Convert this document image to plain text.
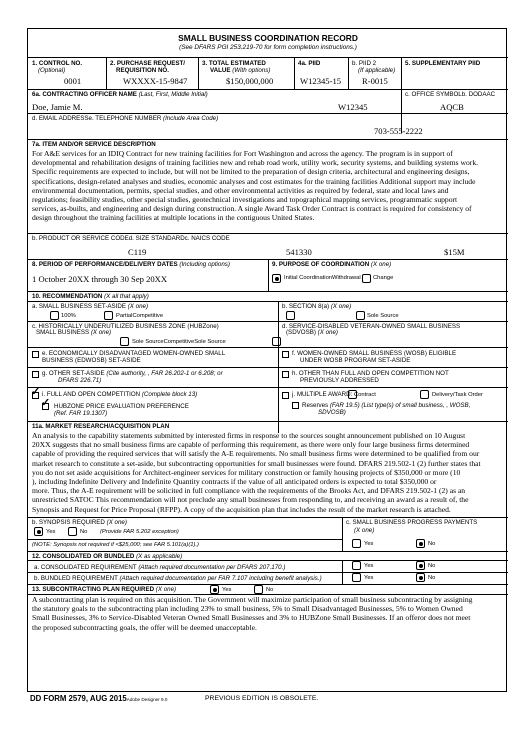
SMALL BUSINESS COORDINATION RECORD
(See DFARS PGI 253.219-70 for form completion instructions.)
1. CONTROL NO.
(Optional)
0001
2. PURCHASE REQUEST/
REQUISITION NO.
WXXXX-15-9847
3. TOTAL ESTIMATED
VALUE (With options)
$150,000,000
4a. PIID
W12345-15
b. PIID 2
(If applicable)
R-0015
5. SUPPLEMENTARY PIID
6a. CONTRACTING OFFICER NAME (Last, First, Middle Initial)
Doe, Jamie M.
c. OFFICE SYMBOLb. DODAAC
W12345	AQCB
d. EMAIL ADDRESSe. TELEPHONE NUMBER (Include Area Code)
703-555-2222
7a. ITEM AND/OR SERVICE DESCRIPTION
For A&E services for an IDIQ Contract for new training facilities for Fort Washington and across the agency. The program is in support of
developmental and rehabilitation designs of training facilities new and rehab road work, utility work, security systems, and building systems work.
Specific requirements are expected to include, but will not be limited to the preparation of design criteria, architectural and engineering designs,
specifications, design-related analyses and studies, economic analyses and cost estimates for the training facilities Additional support may include
environmental documentation, permits, special studies, and other environmental activities as required by federal, state and local laws and
regulations; feasibility studies, other special studies, geotechnical investigations and topographical mapping services, programmatic support
services, as-builts, and engineering and design during construction. A single Award Task Order Contract is contract is required for consistency of
design throughout the training facilities at multiple locations in the contiguous United States.
b. PRODUCT OR SERVICE CODEd. SIZE STANDARDc. NAICS CODE
C119	541330	$15M
8. PERIOD OF PERFORMANCE/DELIVERY DATES (Including options)
1 October 20XX through 30 Sep 20XX
9. PURPOSE OF COORDINATION (X one)
Initial CoordinationWithdrawal Change
10. RECOMMENDATION (X all that apply)
a. SMALL BUSINESS SET-ASIDE (X one)
100%	PartialCompetitive
b. SECTION 8(a) (X one)
Sole Source
c. HISTORICALLY UNDERUTILIZED BUSINESS ZONE (HUBZone)
SMALL BUSINESS (X one)
Sole SourceCompetitiveSole Source
d. SERVICE-DISABLED VETERAN-OWNED SMALL BUSINESS
(SDVOSB) (X one)
e. ECONOMICALLY DISADVANTAGED WOMEN-OWNED SMALL
BUSINESS (EDWOSB) SET-ASIDE
f. WOMEN-OWNED SMALL BUSINESS (WOSB) ELIGIBLE
UNDER WOSB PROGRAM SET-ASIDE
g. OTHER SET-ASIDE (Cite authority, , FAR 26.202-1 or 6.208; or
DFARS 226.71)
h. OTHER THAN FULL AND OPEN COMPETITION NOT
PREVIOUSLY ADDRESSED
✓ i. FULL AND OPEN COMPETITION (Complete block 13)
✓ HUBZONE PRICE EVALUATION PREFERENCE
(Ref. FAR 19.1307)
j. MULTIPLE AWARD: Contract	Delivery/Task Order
Reserves (FAR 19.5) (List type(s) of small business, , WOSB,
SDVOSB)
11a. MARKET RESEARCH/ACQUISITION PLAN
An analysis to the capability statements submitted by interested firms in response to the sources sought announcement published on 10 August
20XX suggests that no small business firms are capable of performing this requirement, as there were only four large business firms determined
capable of providing the required services that will satisfy the A-E requirements. No small business firms were determined to be qualified from our
market research to constitute a set-aside, but subcontracting opportunities for small businesses were found. DFARS 219.502-1 (2) further states that
you do not set aside acquisitions for Architect-engineer services for military construction or family housing projects of $350,000 or more (10
), including Indefinite Delivery and Indefinite Quantity contracts if the value of all anticipated orders is expected to total $350,000 or
more. Thus, the A-E requirement will be solicited in full compliance with the requirements of the Brooks Act, and DFARS 219.502-1 (2) as an
unrestricted SATOC This recommendation will not preclude any small businesses from responding to, and receiving an award as a result of, the
Synopsis and Request for Price Proposal (RFPP). A copy of the acquisition plan that includes the result of the market research is attached.
b. SYNOPSIS REQUIRED (X one)
Yes	No (Provide FAR 5.202 exception)
(NOTE: Synopsis not required if <$25,000; see FAR 5.101(a)(1).)
c. SMALL BUSINESS PROGRESS PAYMENTS
(X one)
Yes	No
12. CONSOLIDATED OR BUNDLED (X as applicable)
a. CONSOLIDATED REQUIREMENT (Attach required documentation per DFARS 207.170.)	Yes	No
b. BUNDLED REQUIREMENT (Attach required documentation per FAR 7.107 including benefit analysis.)	Yes	No
13. SUBCONTRACTING PLAN REQUIRED (X one)	Yes	No
A subcontracting plan is required on this acquisition. The Government will maximize participation of small business subcontracting by assigning
the statutory goals to the subcontracting plan including 23% to small business, 5% to Small Disadvantaged Businesses, 5% to Women Owned
Small Businesses, 3% to Service-Disabled Veteran Owned Small Businesses and 3% to HUBZone Small Businesses. If an offeror does not meet
the proposed subcontracting goals, the offer will be deemed unacceptable.
DD FORM 2579, AUG 2015Adobe Designer 9.0	PREVIOUS EDITION IS OBSOLETE.
